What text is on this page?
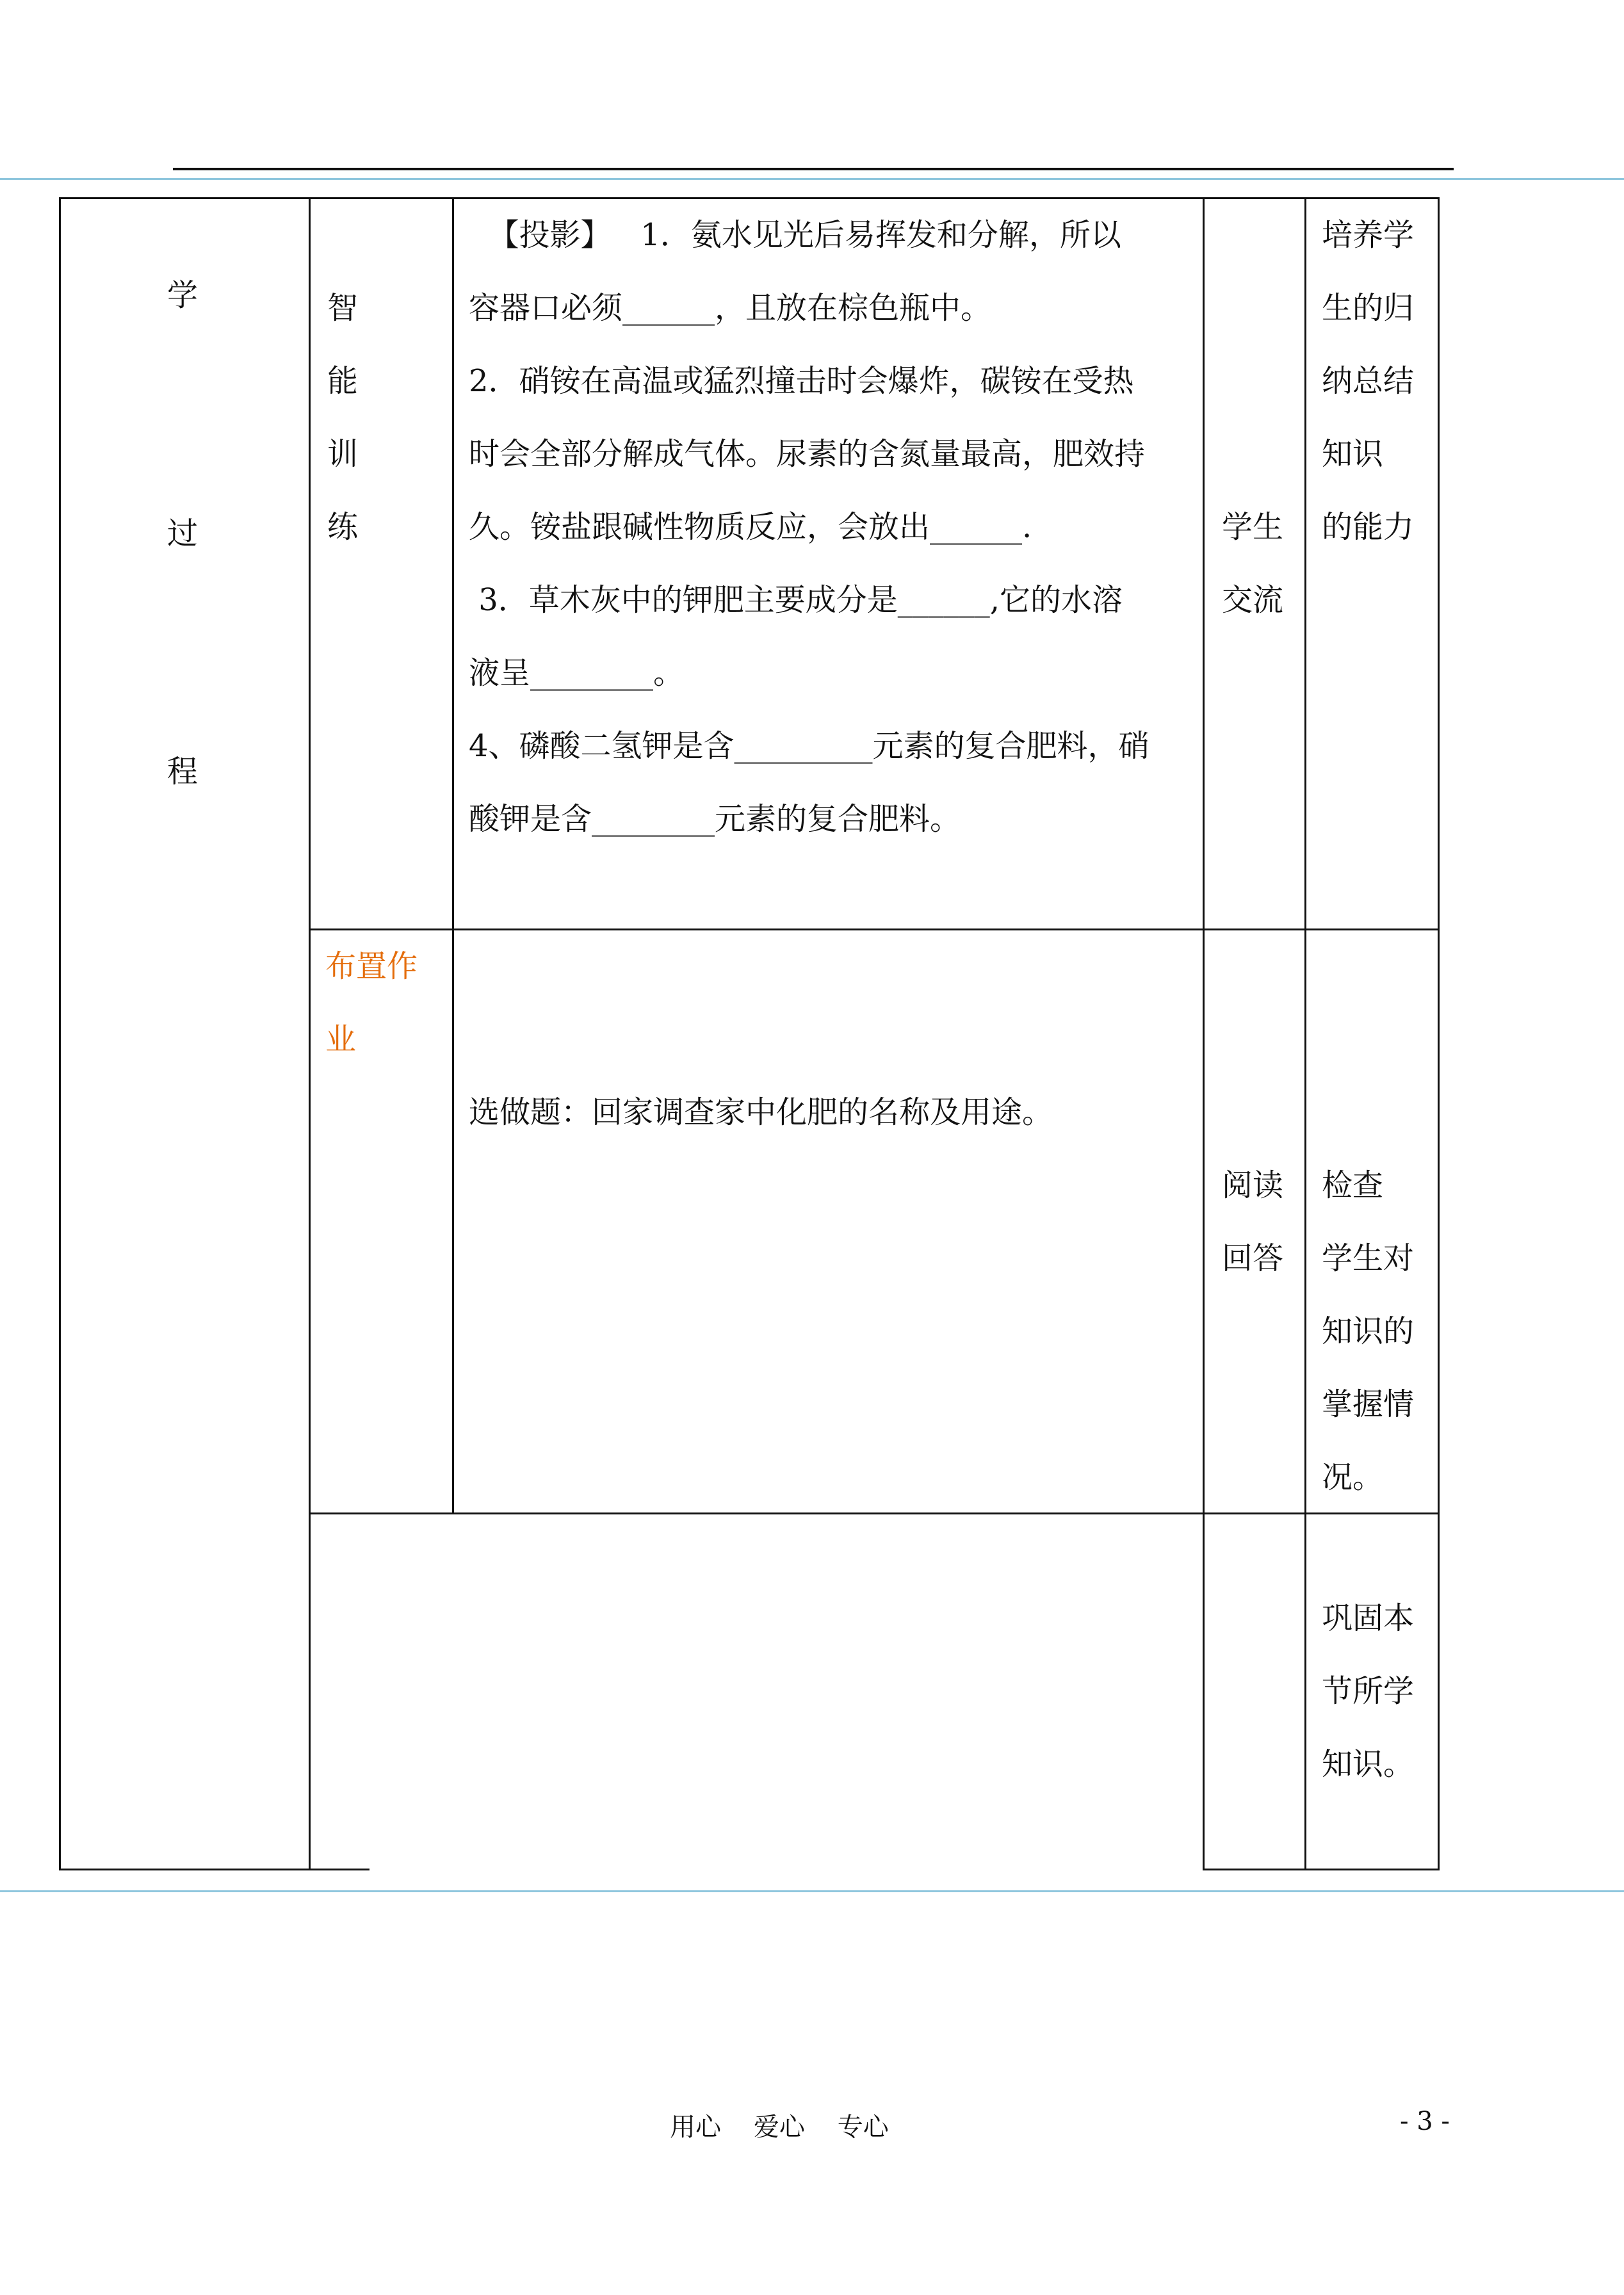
学
过
程
智
能
训
练
【投影】   1．氨水见光后易挥发和分解，所以
容器口必须______，且放在棕色瓶中。
2．硝铵在高温或猛烈撞击时会爆炸，碳铵在受热
时会全部分解成气体。尿素的含氮量最高，肥效持
久。铵盐跟碱性物质反应，会放出______.
3．草木灰中的钾肥主要成分是______,它的水溶
液呈________。
4、磷酸二氢钾是含_________元素的复合肥料，硝
酸钾是含________元素的复合肥料。
学生
交流
培养学
生的归
纳总结
知识
的能力
布置作
业
选做题：回家调查家中化肥的名称及用途。
阅读
回答
检查
学生对
知识的
掌握情
况。
巩固本
节所学
知识。
用心    爱心    专心	- 3 -
